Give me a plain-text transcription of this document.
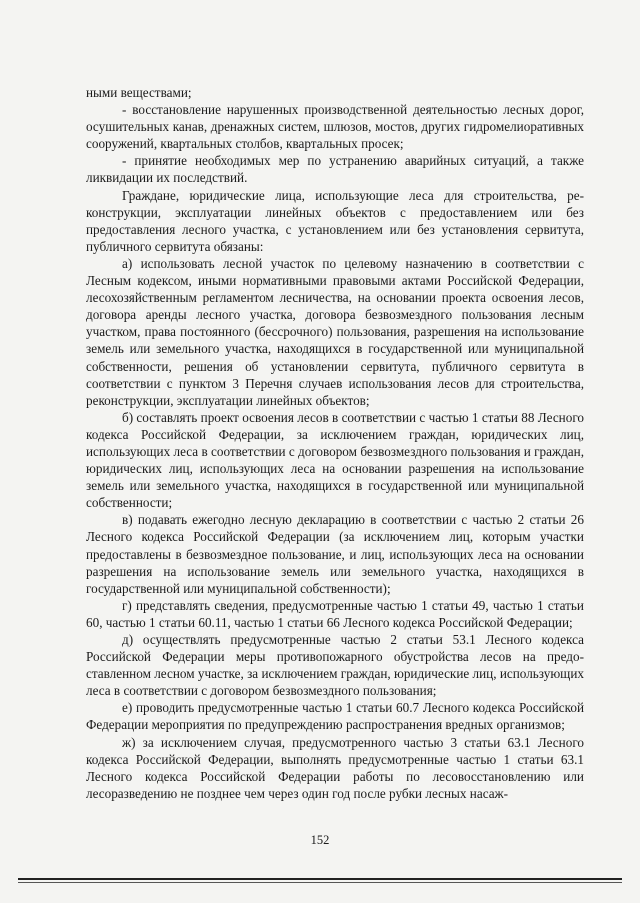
ными веществами;

- восстановление нарушенных производственной деятельностью лесных дорог, осушительных канав, дренажных систем, шлюзов, мостов, других гидромелиоративных сооружений, квартальных столбов, квартальных просек;

- принятие необходимых мер по устранению аварийных ситуаций, а также ликвидации их последствий.

Граждане, юридические лица, использующие леса для строительства, реконструкции, эксплуатации линейных объектов с предоставлением или без предоставления лесного участка, с установлением или без установления сервитута, публичного сервитута обязаны:

а) использовать лесной участок по целевому назначению в соответствии с Лесным кодексом, иными нормативными правовыми актами Российской Федерации, лесохозяйственным регламентом лесничества, на основании проекта освоения лесов, договора аренды лесного участка, договора безвозмездного пользования лесным участком, права постоянного (бессрочного) пользования, разрешения на использование земель или земельного участка, находящихся в государственной или муниципальной собственности, решения об установлении сервитута, публичного сервитута в соответствии с пунктом 3 Перечня случаев использования лесов для строительства, реконструкции, эксплуатации линейных объектов;

б) составлять проект освоения лесов в соответствии с частью 1 статьи 88 Лесного кодекса Российской Федерации, за исключением граждан, юридических лиц, использующих леса в соответствии с договором безвозмездного пользования и граждан, юридических лиц, использующих леса на основании разрешения на использование земель или земельного участка, находящихся в государственной или муниципальной собственности;

в) подавать ежегодно лесную декларацию в соответствии с частью 2 статьи 26 Лесного кодекса Российской Федерации (за исключением лиц, которым участки предоставлены в безвозмездное пользование, и лиц, использующих леса на основании разрешения на использование земель или земельного участка, находящихся в государственной или муниципальной собственности);

г) представлять сведения, предусмотренные частью 1 статьи 49, частью 1 статьи 60, частью 1 статьи 60.11, частью 1 статьи 66 Лесного кодекса Российской Федерации;

д) осуществлять предусмотренные частью 2 статьи 53.1 Лесного кодекса Российской Федерации меры противопожарного обустройства лесов на предоставленном лесном участке, за исключением граждан, юридические лиц, использующих леса в соответствии с договором безвозмездного пользования;

е) проводить предусмотренные частью 1 статьи 60.7 Лесного кодекса Российской Федерации мероприятия по предупреждению распространения вредных организмов;

ж) за исключением случая, предусмотренного частью 3 статьи 63.1 Лесного кодекса Российской Федерации, выполнять предусмотренные частью 1 статьи 63.1 Лесного кодекса Российской Федерации работы по лесовосстановлению или лесоразведению не позднее чем через один год после рубки лесных насаж-

152
